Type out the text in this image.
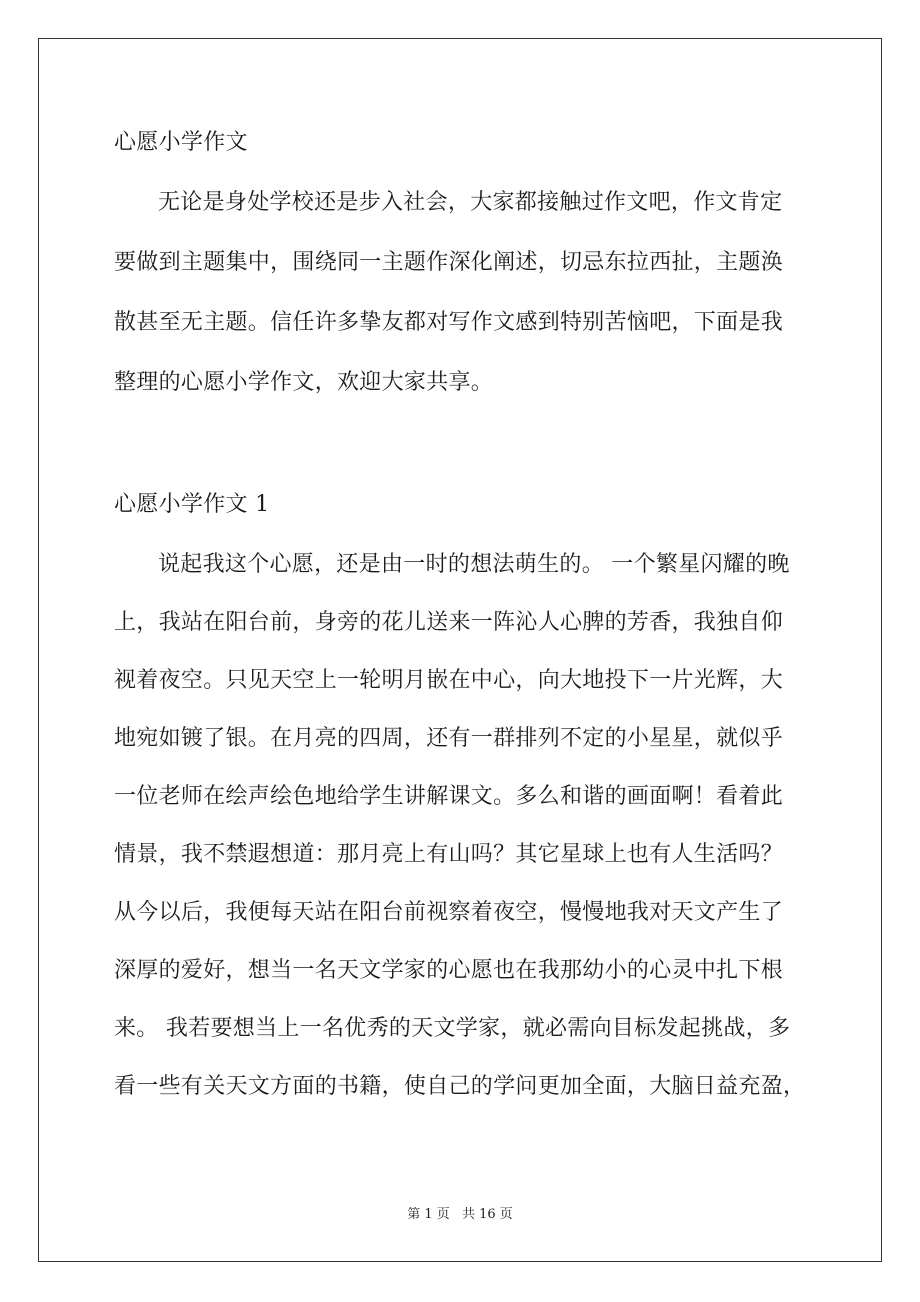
心愿小学作文
无论是身处学校还是步入社会，大家都接触过作文吧，作文肯定
要做到主题集中，围绕同一主题作深化阐述，切忌东拉西扯，主题涣
散甚至无主题。信任许多挚友都对写作文感到特别苦恼吧，下面是我
整理的心愿小学作文，欢迎大家共享。
心愿小学作文 1
说起我这个心愿，还是由一时的想法萌生的。 一个繁星闪耀的晚
上，我站在阳台前，身旁的花儿送来一阵沁人心脾的芳香，我独自仰
视着夜空。只见天空上一轮明月嵌在中心，向大地投下一片光辉，大
地宛如镀了银。在月亮的四周，还有一群排列不定的小星星，就似乎
一位老师在绘声绘色地给学生讲解课文。多么和谐的画面啊！看着此
情景，我不禁遐想道：那月亮上有山吗？其它星球上也有人生活吗？
从今以后，我便每天站在阳台前视察着夜空，慢慢地我对天文产生了
深厚的爱好，想当一名天文学家的心愿也在我那幼小的心灵中扎下根
来。 我若要想当上一名优秀的天文学家，就必需向目标发起挑战，多
看一些有关天文方面的书籍，使自己的学问更加全面，大脑日益充盈，
第 1 页 共 16 页
